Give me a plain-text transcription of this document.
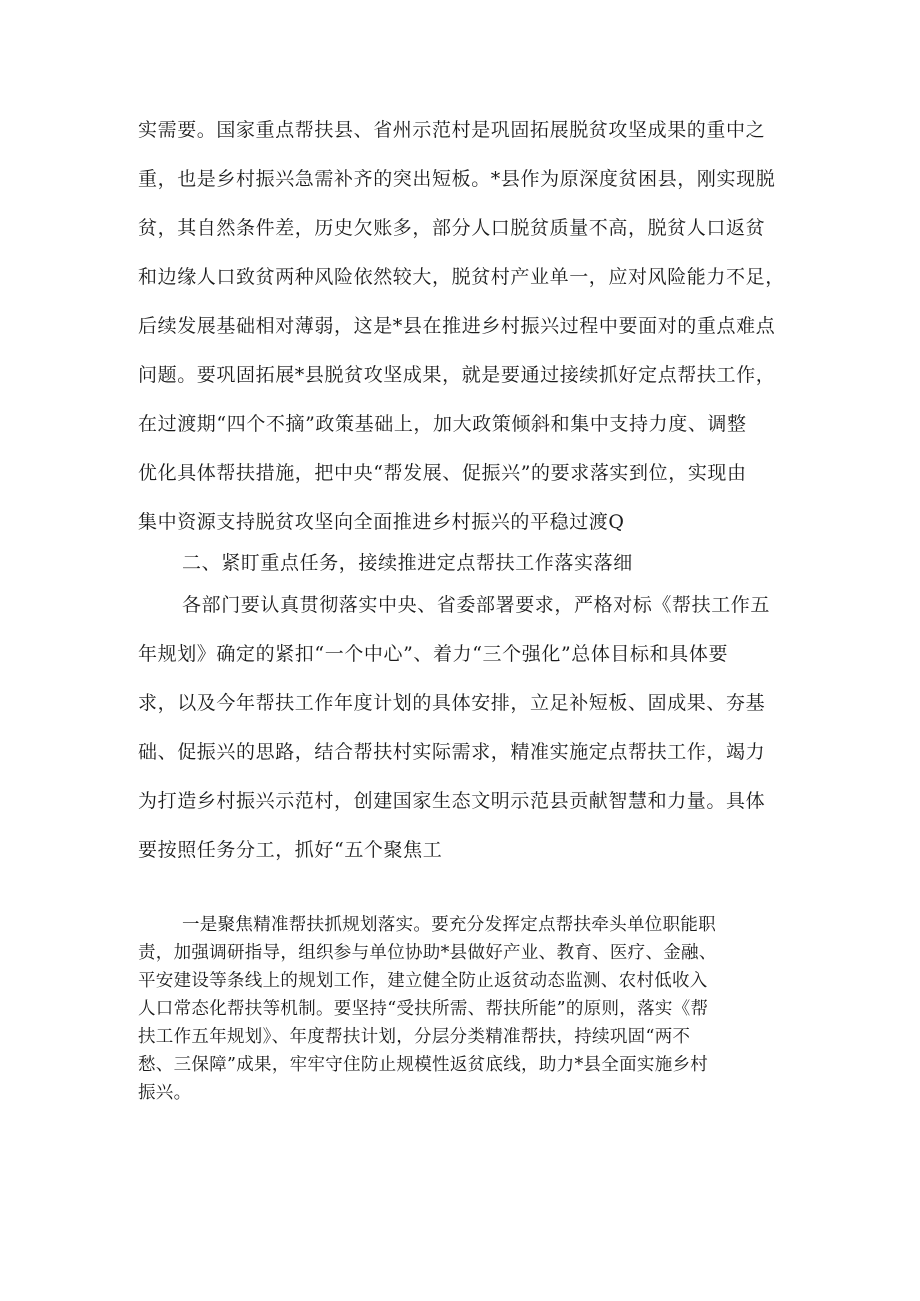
实需要。国家重点帮扶县、省州示范村是巩固拓展脱贫攻坚成果的重中之

重，也是乡村振兴急需补齐的突出短板。*县作为原深度贫困县，刚实现脱

贫，其自然条件差，历史欠账多，部分人口脱贫质量不高，脱贫人口返贫

和边缘人口致贫两种风险依然较大，脱贫村产业单一，应对风险能力不足，

后续发展基础相对薄弱，这是*县在推进乡村振兴过程中要面对的重点难点

问题。要巩固拓展*县脱贫攻坚成果，就是要通过接续抓好定点帮扶工作，

在过渡期“四个不摘”政策基础上，加大政策倾斜和集中支持力度、调整

优化具体帮扶措施，把中央“帮发展、促振兴”的要求落实到位，实现由

集中资源支持脱贫攻坚向全面推进乡村振兴的平稳过渡Q

二、紧盯重点任务，接续推进定点帮扶工作落实落细

各部门要认真贯彻落实中央、省委部署要求，严格对标《帮扶工作五

年规划》确定的紧扣“一个中心”、着力“三个强化”总体目标和具体要

求，以及今年帮扶工作年度计划的具体安排，立足补短板、固成果、夯基

础、促振兴的思路，结合帮扶村实际需求，精准实施定点帮扶工作，竭力

为打造乡村振兴示范村，创建国家生态文明示范县贡献智慧和力量。具体

要按照任务分工，抓好“五个聚焦工

一是聚焦精准帮扶抓规划落实。要充分发挥定点帮扶牵头单位职能职

责，加强调研指导，组织参与单位协助*县做好产业、教育、医疗、金融、

平安建设等条线上的规划工作，建立健全防止返贫动态监测、农村低收入

人口常态化帮扶等机制。要坚持“受扶所需、帮扶所能”的原则，落实《帮

扶工作五年规划》、年度帮扶计划，分层分类精准帮扶，持续巩固“两不

愁、三保障”成果，牢牢守住防止规模性返贫底线，助力*县全面实施乡村

振兴。
